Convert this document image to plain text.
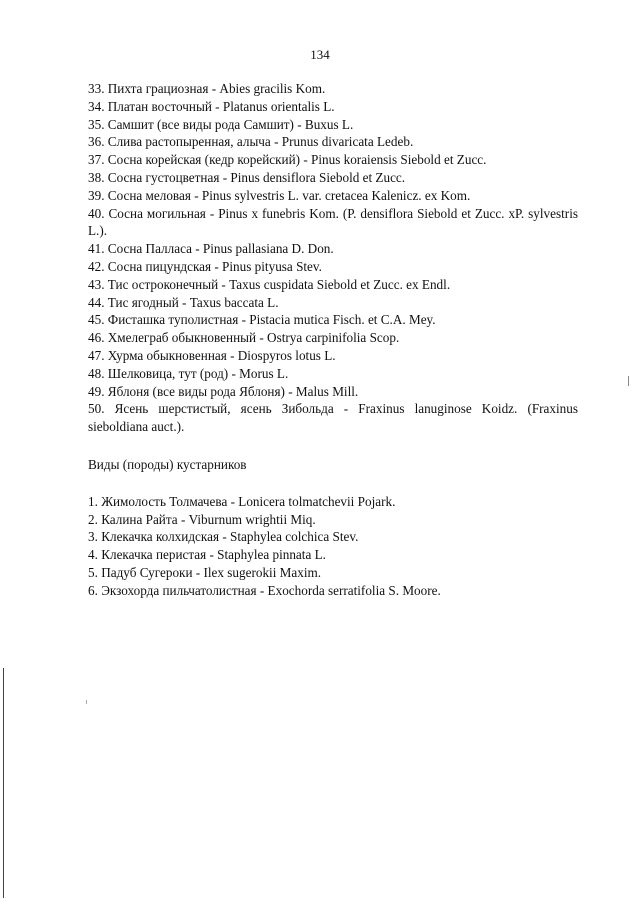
134
33. Пихта грациозная - Abies gracilis Kom.
34. Платан восточный - Platanus orientalis L.
35. Самшит (все виды рода Самшит) - Buxus L.
36. Слива растопыренная, алыча - Prunus divaricata Ledeb.
37. Сосна корейская (кедр корейский) - Pinus koraiensis Siebold et Zucc.
38. Сосна густоцветная - Pinus densiflora Siebold et Zucc.
39. Сосна меловая - Pinus sylvestris L. var. cretacea Kalenicz. ex Kom.
40. Сосна могильная - Pinus x funebris Kom. (P. densiflora Siebold et Zucc. xP. sylvestris L.).
41. Сосна Палласа - Pinus pallasiana D. Don.
42. Сосна пицундская - Pinus pityusa Stev.
43. Тис остроконечный - Taxus cuspidata Siebold et Zucc. ex Endl.
44. Тис ягодный - Taxus baccata L.
45. Фисташка туполистная - Pistacia mutica Fisch. et C.A. Mey.
46. Хмелеграб обыкновенный - Ostrya carpinifolia Scop.
47. Хурма обыкновенная - Diospyros lotus L.
48. Шелковица, тут (род) - Morus L.
49. Яблоня (все виды рода Яблоня) - Malus Mill.
50. Ясень шерстистый, ясень Зибольда - Fraxinus lanuginose Koidz. (Fraxinus sieboldiana auct.).

Виды (породы) кустарников

1. Жимолость Толмачева - Lonicera tolmatchevii Pojark.
2. Калина Райта - Viburnum wrightii Miq.
3. Клекачка колхидская - Staphylea colchica Stev.
4. Клекачка перистая - Staphylea pinnata L.
5. Падуб Сугероки - Ilex sugerokii Maxim.
6. Экзохорда пильчатолистная - Exochorda serratifolia S. Moore.
